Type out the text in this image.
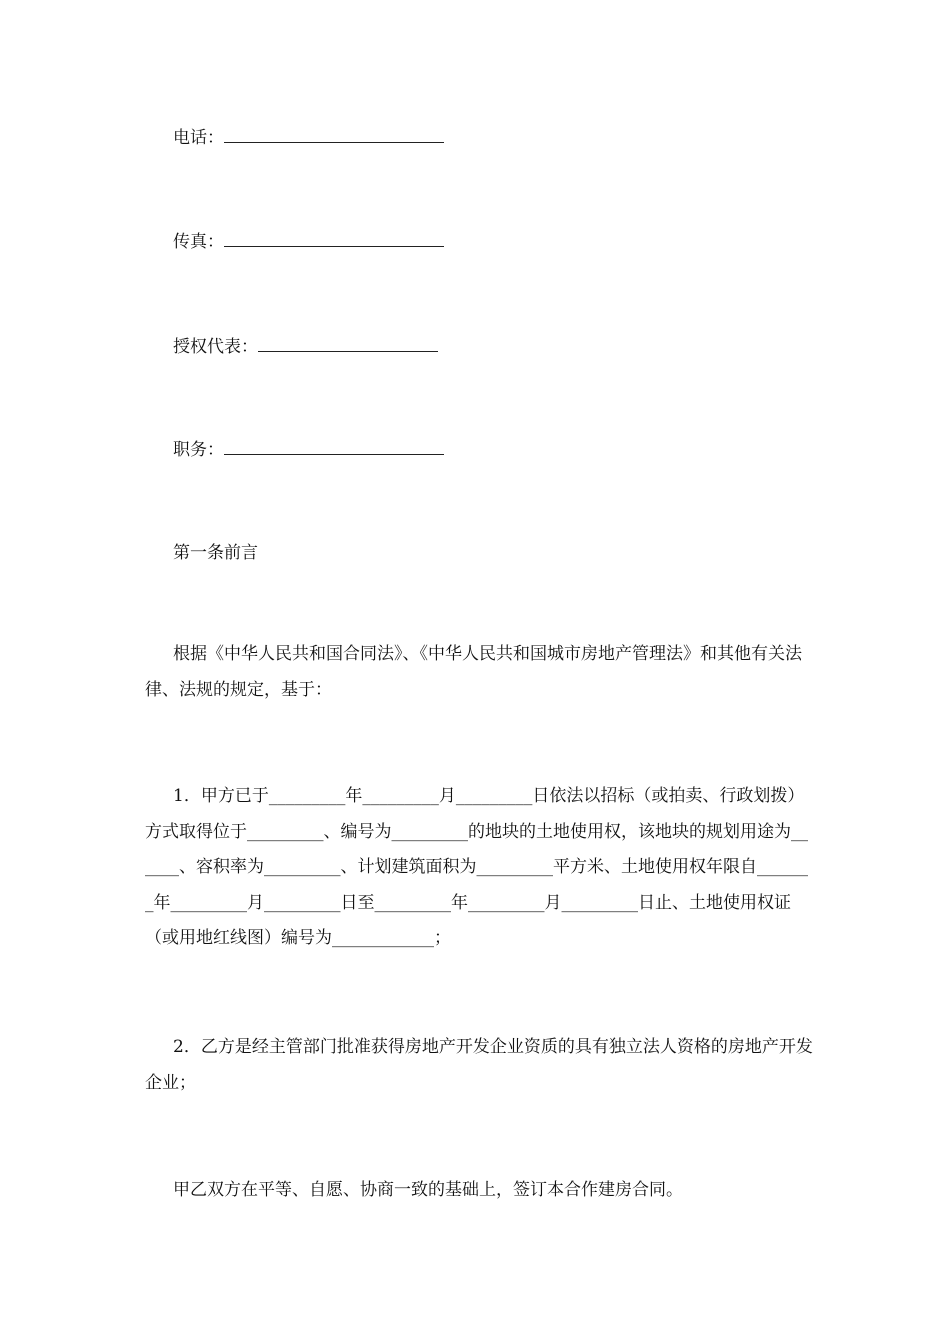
电话：
传真：
授权代表：
职务：
第一条前言

根据《中华人民共和国合同法》、《中华人民共和国城市房地产管理法》和其他有关法律、法规的规定，基于：

1．甲方已于_________年_________月_________日依法以招标（或拍卖、行政划拨）方式取得位于_________、编号为_________的地块的土地使用权，该地块的规划用途为______、容积率为_________、计划建筑面积为_________平方米、土地使用权年限自_______年_________月_________日至_________年_________月_________日止、土地使用权证（或用地红线图）编号为____________；

2．乙方是经主管部门批准获得房地产开发企业资质的具有独立法人资格的房地产开发企业；

甲乙双方在平等、自愿、协商一致的基础上，签订本合作建房合同。
